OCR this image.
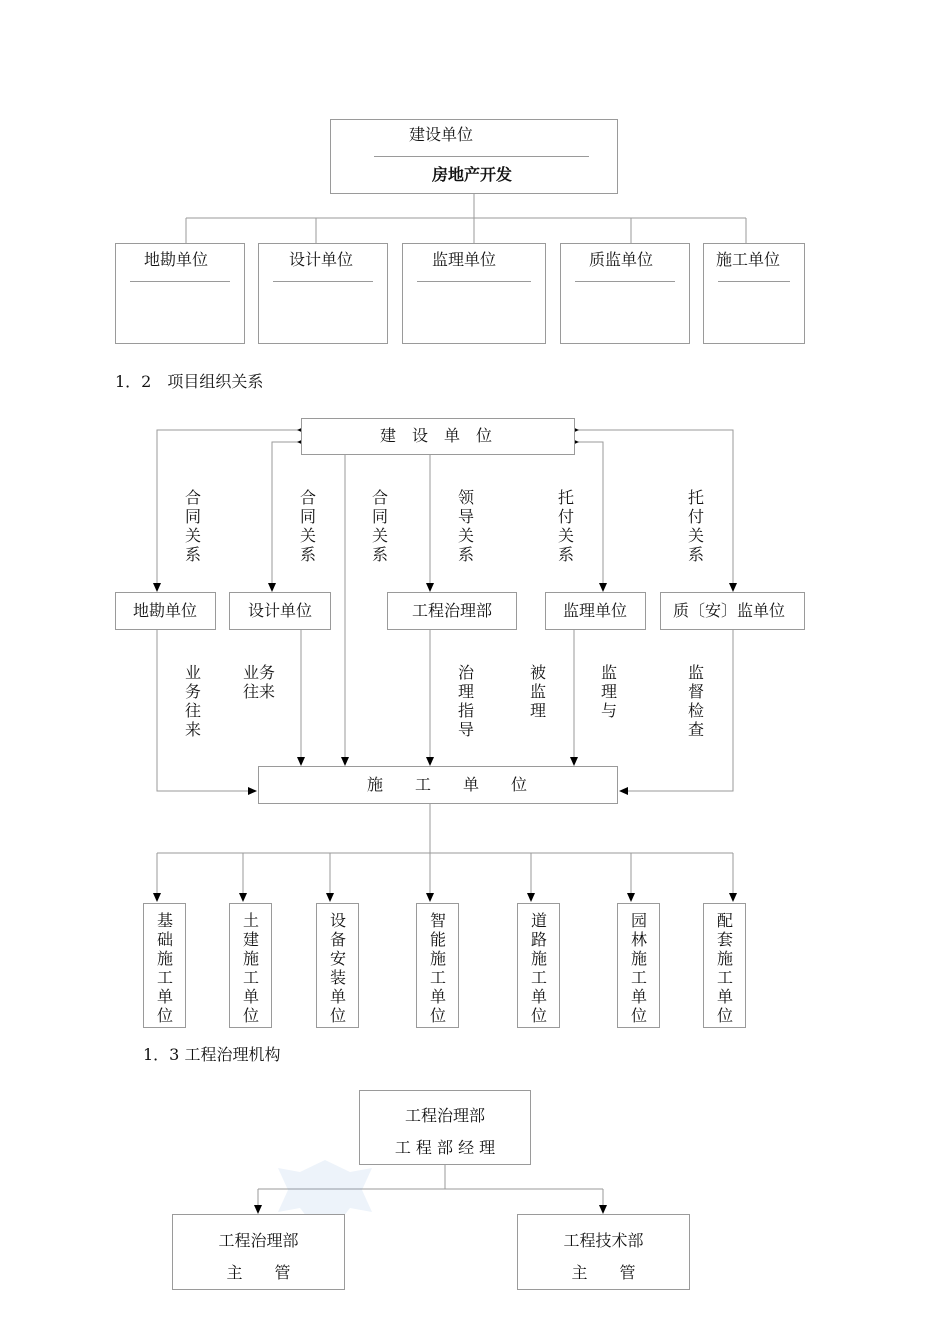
建设单位
房地产开发
地勘单位	设计单位	监理单位	质监单位	施工单位
1．2　项目组织关系
建　设　单　位
地勘单位	设计单位	工程治理部	监理单位	质〔安〕监单位
合同关系
合同关系
合同关系
领导关系
托付关系
托付关系
业务往来
业务往来
治理指导
被监理
监理与
监督检查
施　　工　　单　　位
基础施工单位
土建施工单位
设备安装单位
智能施工单位
道路施工单位
园林施工单位
配套施工单位
1．3 工程治理机构
工程治理部
工 程 部 经 理
工程治理部
主　　管
工程技术部
主　　管
